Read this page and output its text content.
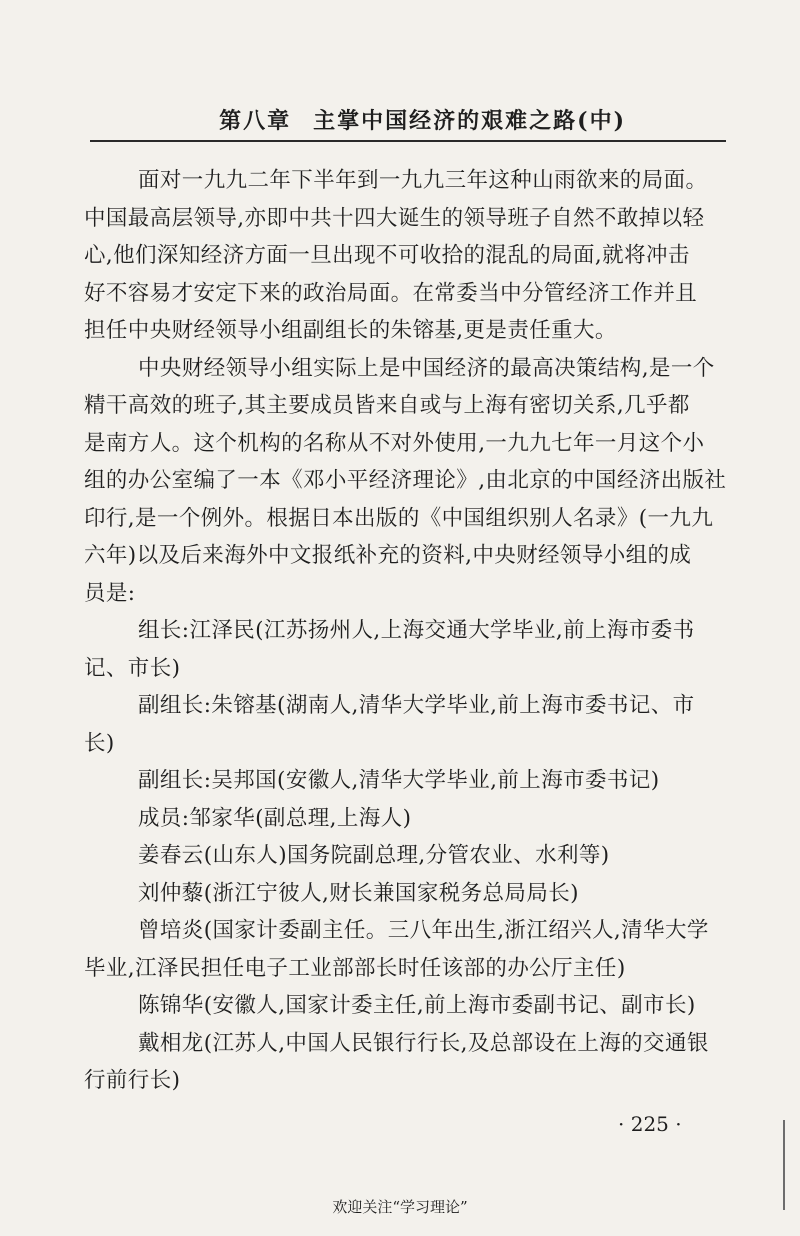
第八章 主掌中国经济的艰难之路(中)
面对一九九二年下半年到一九九三年这种山雨欲来的局面。
中国最高层领导,亦即中共十四大诞生的领导班子自然不敢掉以轻
心,他们深知经济方面一旦出现不可收拾的混乱的局面,就将冲击
好不容易才安定下来的政治局面。在常委当中分管经济工作并且
担任中央财经领导小组副组长的朱镕基,更是责任重大。
中央财经领导小组实际上是中国经济的最高决策结构,是一个
精干高效的班子,其主要成员皆来自或与上海有密切关系,几乎都
是南方人。这个机构的名称从不对外使用,一九九七年一月这个小
组的办公室编了一本《邓小平经济理论》,由北京的中国经济出版社
印行,是一个例外。根据日本出版的《中国组织别人名录》(一九九
六年)以及后来海外中文报纸补充的资料,中央财经领导小组的成
员是:
组长:江泽民(江苏扬州人,上海交通大学毕业,前上海市委书
记、市长)
副组长:朱镕基(湖南人,清华大学毕业,前上海市委书记、市
长)
副组长:吴邦国(安徽人,清华大学毕业,前上海市委书记)
成员:邹家华(副总理,上海人)
姜春云(山东人)国务院副总理,分管农业、水利等)
刘仲藜(浙江宁彼人,财长兼国家税务总局局长)
曾培炎(国家计委副主任。三八年出生,浙江绍兴人,清华大学
毕业,江泽民担任电子工业部部长时任该部的办公厅主任)
陈锦华(安徽人,国家计委主任,前上海市委副书记、副市长)
戴相龙(江苏人,中国人民银行行长,及总部设在上海的交通银
行前行长)
· 225 ·
欢迎关注“学习理论”
